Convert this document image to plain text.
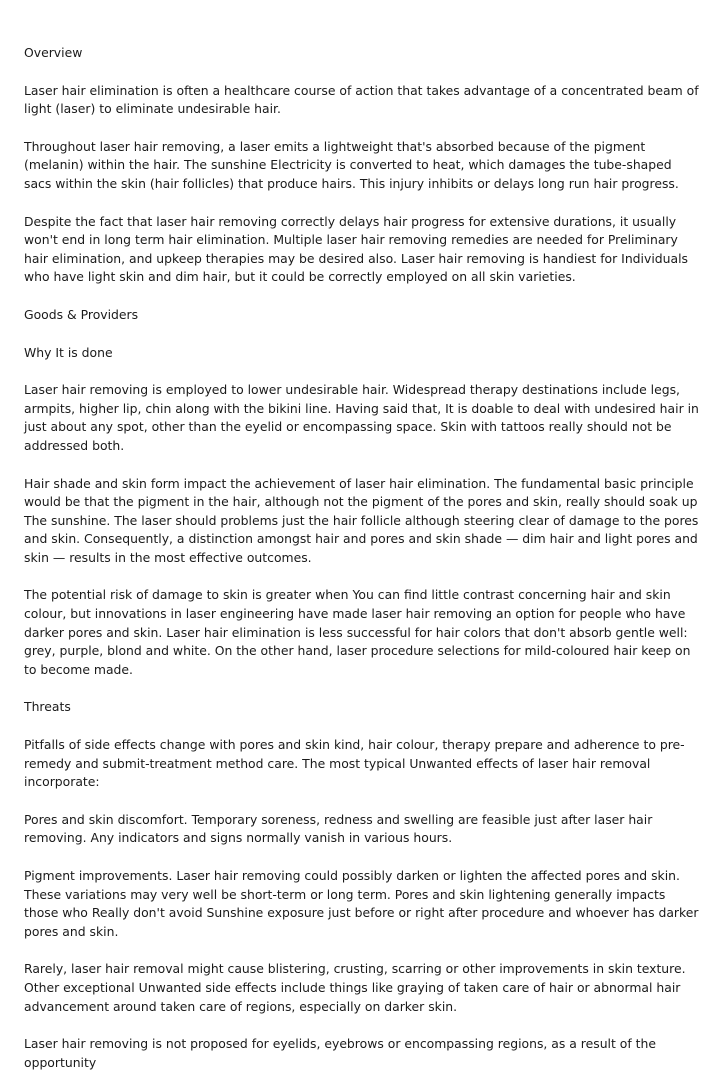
Overview

Laser hair elimination is often a healthcare course of action that takes advantage of a concentrated beam of light (laser) to eliminate undesirable hair.

Throughout laser hair removing, a laser emits a lightweight that's absorbed because of the pigment (melanin) within the hair. The sunshine Electricity is converted to heat, which damages the tube-shaped sacs within the skin (hair follicles) that produce hairs. This injury inhibits or delays long run hair progress.

Despite the fact that laser hair removing correctly delays hair progress for extensive durations, it usually won't end in long term hair elimination. Multiple laser hair removing remedies are needed for Preliminary hair elimination, and upkeep therapies may be desired also. Laser hair removing is handiest for Individuals who have light skin and dim hair, but it could be correctly employed on all skin varieties.

Goods & Providers

Why It is done

Laser hair removing is employed to lower undesirable hair. Widespread therapy destinations include legs, armpits, higher lip, chin along with the bikini line. Having said that, It is doable to deal with undesired hair in just about any spot, other than the eyelid or encompassing space. Skin with tattoos really should not be addressed both.

Hair shade and skin form impact the achievement of laser hair elimination. The fundamental basic principle would be that the pigment in the hair, although not the pigment of the pores and skin, really should soak up The sunshine. The laser should problems just the hair follicle although steering clear of damage to the pores and skin. Consequently, a distinction amongst hair and pores and skin shade — dim hair and light pores and skin — results in the most effective outcomes.

The potential risk of damage to skin is greater when You can find little contrast concerning hair and skin colour, but innovations in laser engineering have made laser hair removing an option for people who have darker pores and skin. Laser hair elimination is less successful for hair colors that don't absorb gentle well: grey, purple, blond and white. On the other hand, laser procedure selections for mild-coloured hair keep on to become made.

Threats

Pitfalls of side effects change with pores and skin kind, hair colour, therapy prepare and adherence to pre-remedy and submit-treatment method care. The most typical Unwanted effects of laser hair removal incorporate:

Pores and skin discomfort. Temporary soreness, redness and swelling are feasible just after laser hair removing. Any indicators and signs normally vanish in various hours.

Pigment improvements. Laser hair removing could possibly darken or lighten the affected pores and skin. These variations may very well be short-term or long term. Pores and skin lightening generally impacts those who Really don't avoid Sunshine exposure just before or right after procedure and whoever has darker pores and skin.

Rarely, laser hair removal might cause blistering, crusting, scarring or other improvements in skin texture. Other exceptional Unwanted side effects include things like graying of taken care of hair or abnormal hair advancement around taken care of regions, especially on darker skin.

Laser hair removing is not proposed for eyelids, eyebrows or encompassing regions, as a result of the opportunity
